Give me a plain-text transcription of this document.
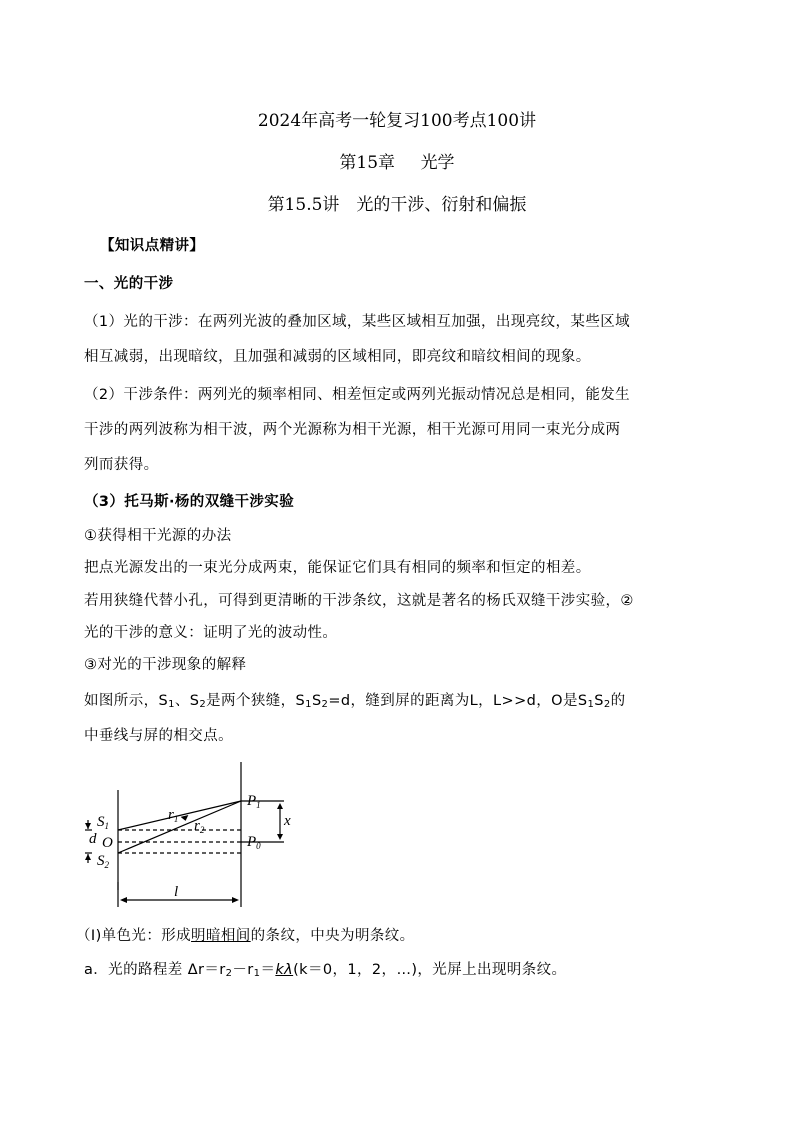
2024年高考一轮复习100考点100讲
第15章   光学
第15.5讲　光的干涉、衍射和偏振
【知识点精讲】
一、光的干涉
（1）光的干涉：在两列光波的叠加区域，某些区域相互加强，出现亮纹，某些区域
相互减弱，出现暗纹，且加强和减弱的区域相同，即亮纹和暗纹相间的现象。
（2）干涉条件：两列光的频率相同、相差恒定或两列光振动情况总是相同，能发生
干涉的两列波称为相干波，两个光源称为相干光源，相干光源可用同一束光分成两
列而获得。
（3）托马斯·杨的双缝干涉实验
①获得相干光源的办法
把点光源发出的一束光分成两束，能保证它们具有相同的频率和恒定的相差。
若用狭缝代替小孔，可得到更清晰的干涉条纹，这就是著名的杨氏双缝干涉实验，②
光的干涉的意义：证明了光的波动性。
③对光的干涉现象的解释
如图所示，$S_1$、$S_2$是两个狭缝，$S_1S_2=d$，缝到屏的距离为L，L>>d，O是$S_1S_2$的
中垂线与屏的相交点。
$S_1$
d O
$S_2$
$r_1$ $r_2$
$P_1$
$P_0$
x
l
（Ⅰ)单色光：形成明暗相间的条纹，中央为明条纹。
a．光的路程差 $\Delta r=r_2-r_1=k\lambda(k=0$，1，2，…)，光屏上出现明条纹。
